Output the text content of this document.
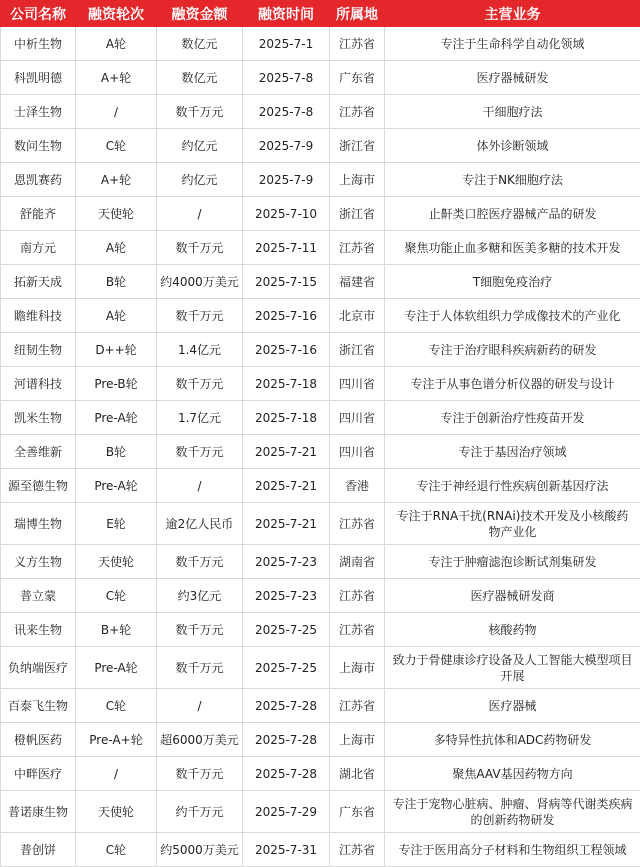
公司名称	融资轮次	融资金额	融资时间	所属地	主营业务
中析生物	A轮	数亿元	2025-7-1	江苏省	专注于生命科学自动化领域
科凯明德	A+轮	数亿元	2025-7-8	广东省	医疗器械研发
士泽生物	/	数千万元	2025-7-8	江苏省	干细胞疗法
数问生物	C轮	约亿元	2025-7-9	浙江省	体外诊断领域
恩凯赛药	A+轮	约亿元	2025-7-9	上海市	专注于NK细胞疗法
舒能齐	天使轮	/	2025-7-10	浙江省	止鼾类口腔医疗器械产品的研发
南方元	A轮	数千万元	2025-7-11	江苏省	聚焦功能止血多糖和医美多糖的技术开发
拓新天成	B轮	约4000万美元	2025-7-15	福建省	T细胞免疫治疗
瞻维科技	A轮	数千万元	2025-7-16	北京市	专注于人体软组织力学成像技术的产业化
纽韧生物	D++轮	1.4亿元	2025-7-16	浙江省	专注于治疗眼科疾病新药的研发
河谱科技	Pre-B轮	数千万元	2025-7-18	四川省	专注于从事色谱分析仪器的研发与设计
凯米生物	Pre-A轮	1.7亿元	2025-7-18	四川省	专注于创新治疗性疫苗开发
全善维新	B轮	数千万元	2025-7-21	四川省	专注于基因治疗领域
源至德生物	Pre-A轮	/	2025-7-21	香港	专注于神经退行性疾病创新基因疗法
瑞博生物	E轮	逾2亿人民币	2025-7-21	江苏省	专注于RNA干扰(RNAi)技术开发及小核酸药物产业化
义方生物	天使轮	数千万元	2025-7-23	湖南省	专注于肿瘤滤泡诊断试剂集研发
普立蒙	C轮	约3亿元	2025-7-23	江苏省	医疗器械研发商
讯来生物	B+轮	数千万元	2025-7-25	江苏省	核酸药物
负纳端医疗	Pre-A轮	数千万元	2025-7-25	上海市	致力于骨健康诊疗设备及人工智能大模型项目开展
百泰飞生物	C轮	/	2025-7-28	江苏省	医疗器械
橙帆医药	Pre-A+轮	超6000万美元	2025-7-28	上海市	多特异性抗体和ADC药物研发
中畔医疗	/	数千万元	2025-7-28	湖北省	聚焦AAV基因药物方向
普诺康生物	天使轮	约千万元	2025-7-29	广东省	专注于宠物心脏病、肿瘤、肾病等代谢类疾病的创新药物研发
普创饼	C轮	约5000万美元	2025-7-31	江苏省	专注于医用高分子材料和生物组织工程领域
